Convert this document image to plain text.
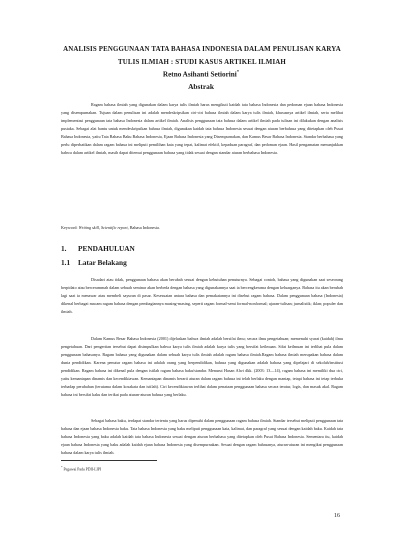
ANALISIS PENGGUNAAN TATA BAHASA INDONESIA DALAM PENULISAN KARYA TULIS ILMIAH : STUDI KASUS ARTIKEL ILMIAH
Retno Asihanti Setiorini*
Abstrak
Ragam bahasa ilmiah yang digunakan dalam karya tulis ilmiah harus mengikuti kaidah tata bahasa Indonesia dan pedoman ejaan bahasa Indonesia yang disempurnakan. Tujuan dalam penulisan ini adalah mendeskripsikan ciri-ciri bahasa ilmiah dalam karya tulis ilmiah, khususnya artikel ilmiah, serta melihat implementasi penggunaan tata bahasa Indonesia dalam artikel ilmiah. Analisis penggunaan tata bahasa dalam artikel ilmiah pada tulisan ini dilakukan dengan analisis pustaka. Sebagai alat bantu untuk mendeskripsikan bahasa ilmiah, digunakan kaidah tata bahasa Indonesia sesuai dengan aturan berbahasa yang ditetapkan oleh Pusat Bahasa Indonesia, yaitu Tata Bahasa Baku Bahasa Indonesia, Ejaan Bahasa Indonesia yang Disempurnakan, dan Kamus Besar Bahasa Indonesia. Standar berbahasa yang perlu diperhatikan dalam ragam bahasa ini meliputi pemilihan kata yang tepat, kalimat efektif, kepaduan paragraf, dan pedoman ejaan. Hasil pengamatan menunjukkan bahwa dalam artikel ilmiah, masih dapat ditemui penggunaan bahasa yang tidak sesuai dengan standar aturan berbahasa Indonesia.
Keyword: Writing skill, Scientific report, Bahasa Indonesia.
1. PENDAHULUAN
1.1 Latar Belakang
Disadari atau tidak, penggunaan bahasa akan berubah sesuai dengan kebutuhan penuturnya. Sebagai contoh, bahasa yang digunakan saat seseorang berpidato atau bercerammah dalam sebuah seminar akan berbeda dengan bahasa yang digunakannya saat ia bercengkerama dengan keluarganya. Bahasa itu akan berubah lagi saat ia menawar atau membeli sayuran di pasar. Kesesuaian antara bahasa dan pemakaiannya ini disebut ragam bahasa. Dalam penggunaan bahasa (Indonesia) dikenal berbagai macam ragam bahasa dengan pembagiannya masing-masing, seperti ragam formal-semi formal-nonformal; ujaran-tulisan; jurnalistik; iklan; populer dan ilmiah.
Dalam Kamus Besar Bahasa Indonesia (2001) dijelaskan bahwa ilmiah adalah bersifat ilmu; secara ilmu pengetahuan; memenuhi syarat (kaidah) ilmu pengetahuan. Dari pengertian tersebut dapat disimpulkan bahwa karya tulis ilmiah adalah karya tulis yang bersifat keilmuan. Sifat keilmuan ini terlihat pula dalam penggunaan bahasanya. Ragam bahasa yang digunakan dalam sebuah karya tulis ilmiah adalah ragam bahasa ilmiah.Ragam bahasa ilmiah merupakan bahasa dalam dunia pendidikan. Karena penutur ragam bahasa ini adalah orang yang berpendidikan, bahasa yang digunakan adalah bahasa yang dipelajari di sekolah/institusi pendidikan. Ragam bahasa ini dikenal pula dengan istilah ragam bahasa baku/standar. Menurut Hasan Alwi dkk. (2003: 13—14), ragam bahasa ini memiliki dua ciri, yaitu kemantapan dinamis dan kecendikiawan. Kemantapan dinamis berarti aturan dalam ragam bahasa ini telah berlaku dengan mantap, tetapi bahasa ini tetap terbuka terhadap perubahan (terutama dalam kosakata dan istilah). Ciri kecendikiawan terlihat dalam penataan penggunaan bahasa secara teratur, logis, dan masuk akal. Ragam bahasa ini bersifat kaku dan terikat pada aturan-aturan bahasa yang berlaku.
Sebagai bahasa baku, terdapat standar tertentu yang harus dipenuhi dalam penggunaan ragam bahasa ilmiah. Standar tersebut meliputi penggunaan tata bahasa dan ejaan bahasa Indonesia baku. Tata bahasa Indonesia yang baku meliputi penggunaan kata, kalimat, dan paragraf yang sesuai dengan kaidah baku. Kaidah tata bahasa Indonesia yang baku adalah kaidah tata bahasa Indonesia sesuai dengan aturan berbahasa yang ditetapkan oleh Pusat Bahasa Indonesia. Sementara itu, kaidah ejaan bahasa Indonesia yang baku adalah kaidah ejaan bahasa Indonesia yang disempurnakan. Sesuai dengan ragam bahasanya, aturan-aturan ini mengikat penggunaan bahasa dalam karya tulis ilmiah.
* Pegawai Pada PDII-LIPI
16
